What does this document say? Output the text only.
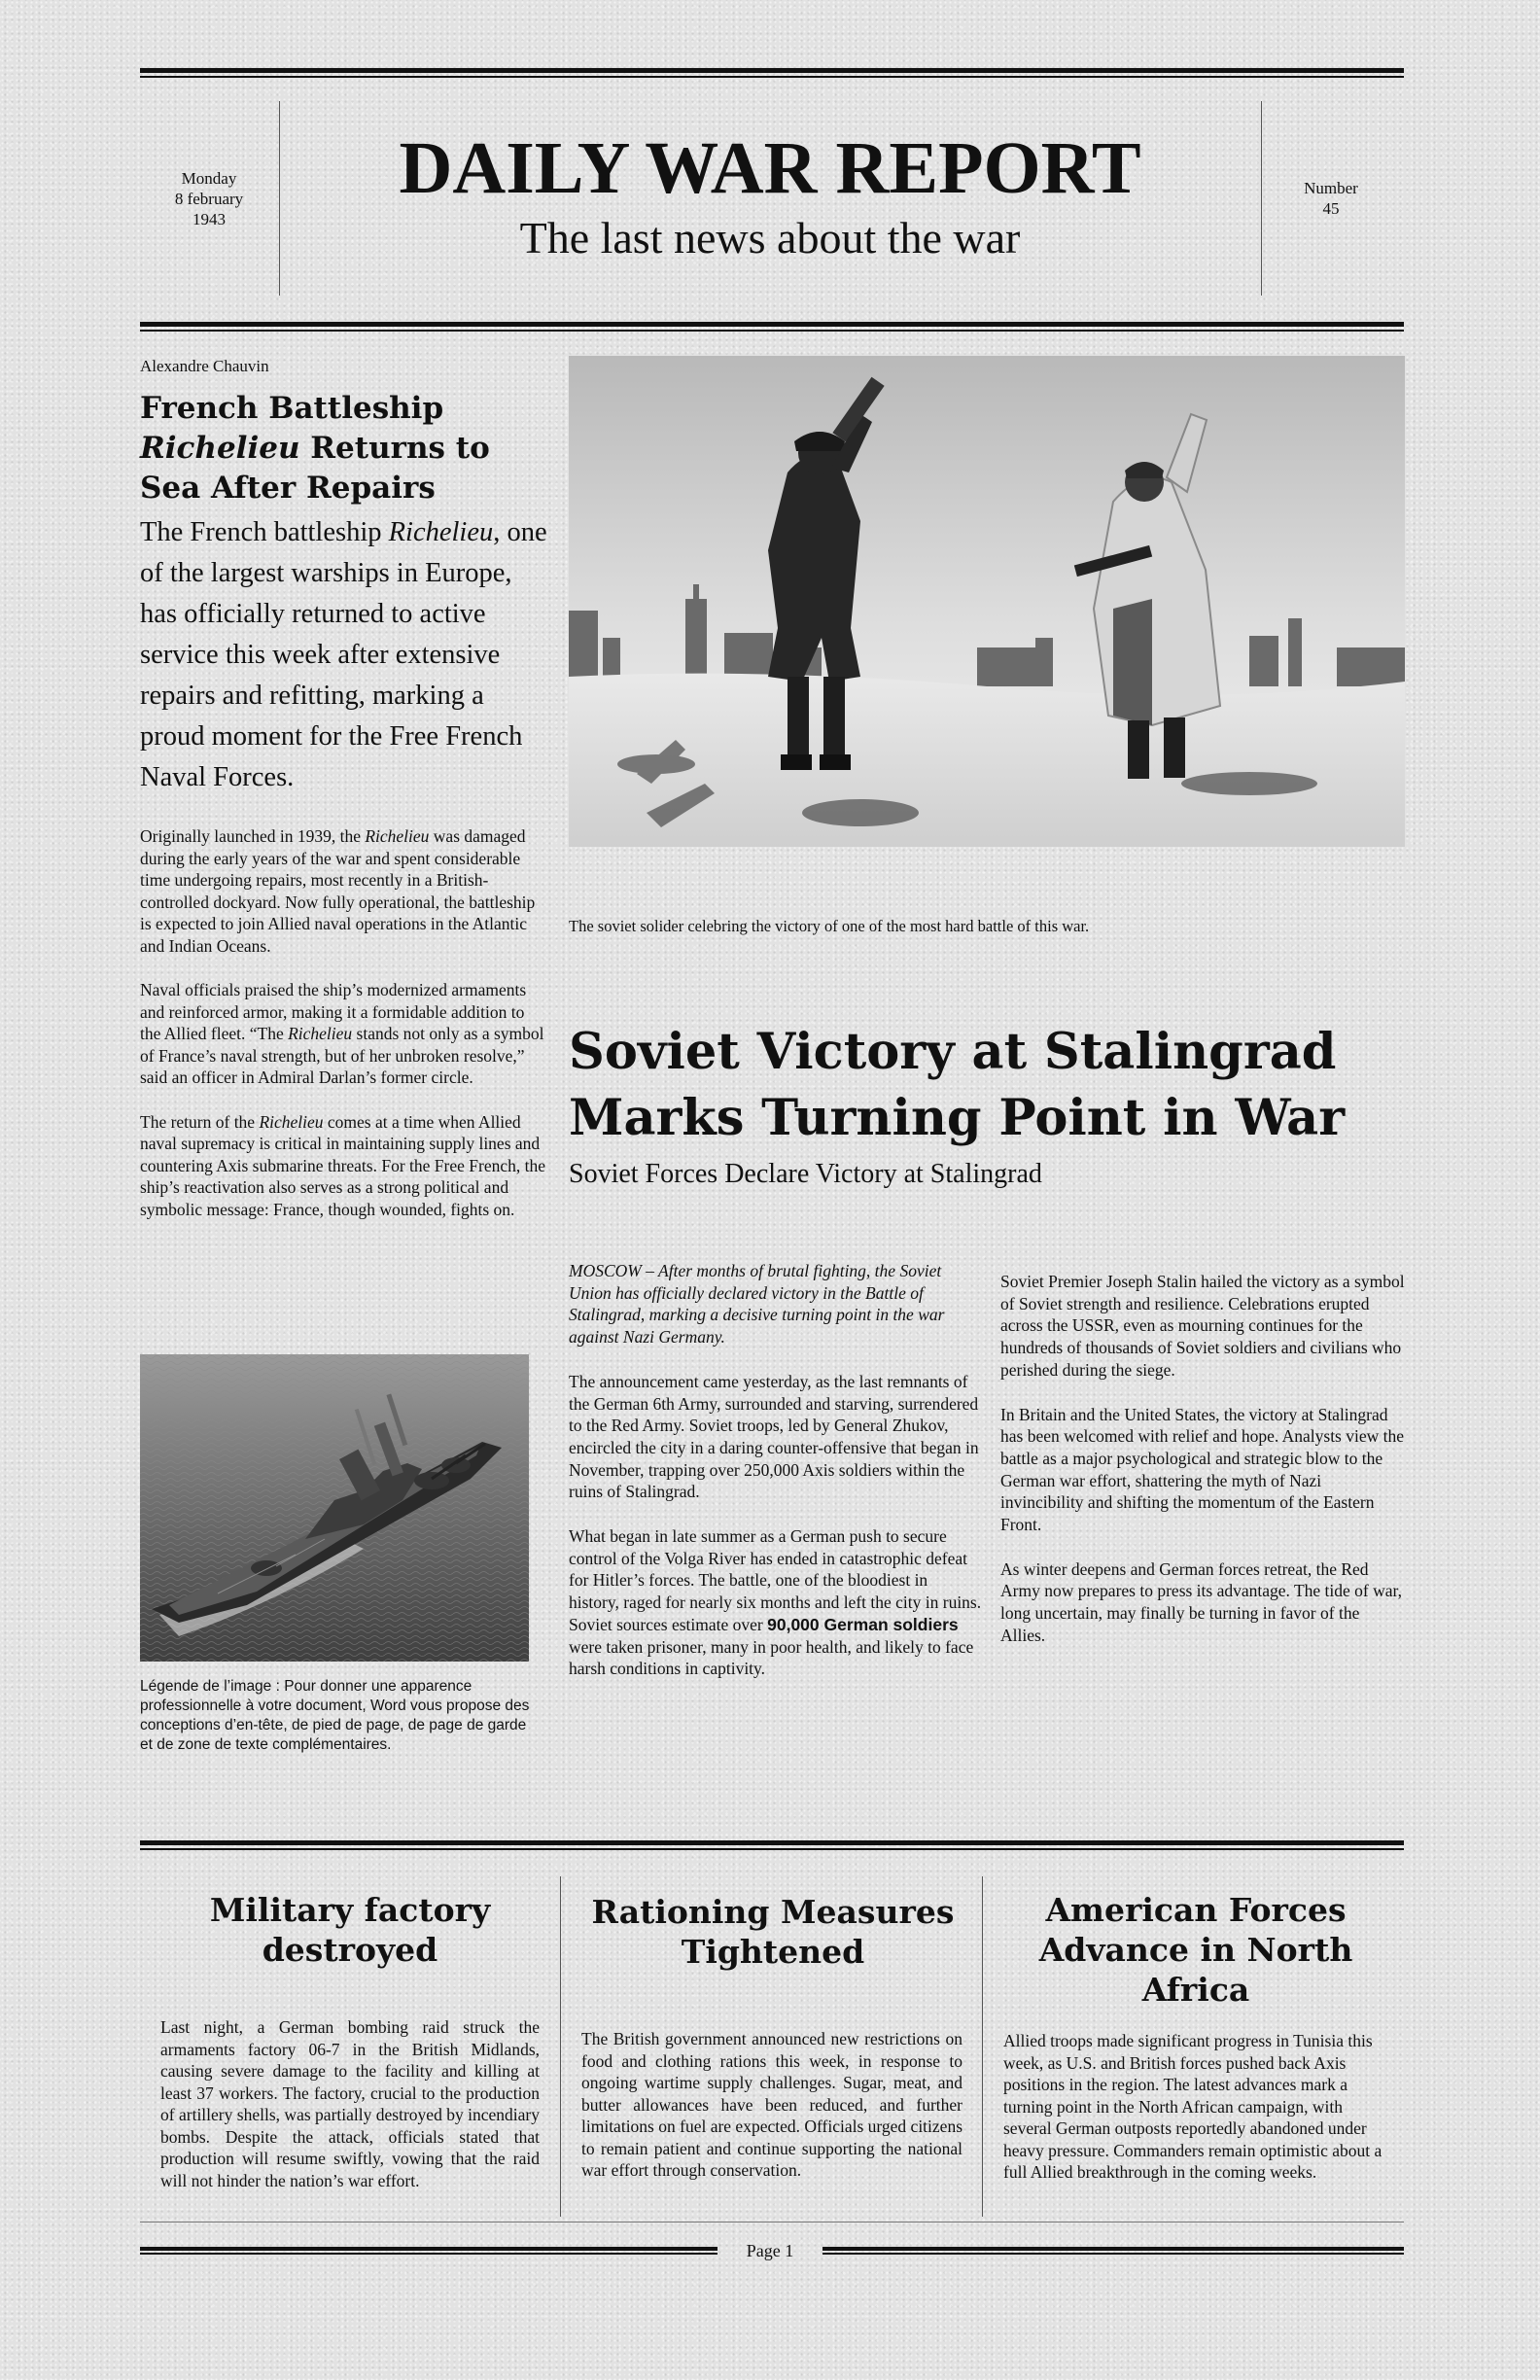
Monday
8 february
1943
DAILY WAR REPORT
The last news about the war
Number
45
Alexandre Chauvin
French Battleship Richelieu Returns to Sea After Repairs
The French battleship Richelieu, one of the largest warships in Europe, has officially returned to active service this week after extensive repairs and refitting, marking a proud moment for the Free French Naval Forces.

Originally launched in 1939, the Richelieu was damaged during the early years of the war and spent considerable time undergoing repairs, most recently in a British-controlled dockyard. Now fully operational, the battleship is expected to join Allied naval operations in the Atlantic and Indian Oceans.

Naval officials praised the ship’s modernized armaments and reinforced armor, making it a formidable addition to the Allied fleet. “The Richelieu stands not only as a symbol of France’s naval strength, but of her unbroken resolve,” said an officer in Admiral Darlan’s former circle.

The return of the Richelieu comes at a time when Allied naval supremacy is critical in maintaining supply lines and countering Axis submarine threats. For the Free French, the ship’s reactivation also serves as a strong political and symbolic message: France, though wounded, fights on.

Légende de l’image : Pour donner une apparence professionnelle à votre document, Word vous propose des conceptions d’en-tête, de pied de page, de page de garde et de zone de texte complémentaires.
The soviet solider celebring the victory of one of the most hard battle of this war.
Soviet Victory at Stalingrad Marks Turning Point in War
Soviet Forces Declare Victory at Stalingrad

MOSCOW – After months of brutal fighting, the Soviet Union has officially declared victory in the Battle of Stalingrad, marking a decisive turning point in the war against Nazi Germany.

The announcement came yesterday, as the last remnants of the German 6th Army, surrounded and starving, surrendered to the Red Army. Soviet troops, led by General Zhukov, encircled the city in a daring counter-offensive that began in November, trapping over 250,000 Axis soldiers within the ruins of Stalingrad.

What began in late summer as a German push to secure control of the Volga River has ended in catastrophic defeat for Hitler’s forces. The battle, one of the bloodiest in history, raged for nearly six months and left the city in ruins. Soviet sources estimate over 90,000 German soldiers were taken prisoner, many in poor health, and likely to face harsh conditions in captivity.

Soviet Premier Joseph Stalin hailed the victory as a symbol of Soviet strength and resilience. Celebrations erupted across the USSR, even as mourning continues for the hundreds of thousands of Soviet soldiers and civilians who perished during the siege.

In Britain and the United States, the victory at Stalingrad has been welcomed with relief and hope. Analysts view the battle as a major psychological and strategic blow to the German war effort, shattering the myth of Nazi invincibility and shifting the momentum of the Eastern Front.

As winter deepens and German forces retreat, the Red Army now prepares to press its advantage. The tide of war, long uncertain, may finally be turning in favor of the Allies.

Military factory destroyed
Last night, a German bombing raid struck the armaments factory 06-7 in the British Midlands, causing severe damage to the facility and killing at least 37 workers. The factory, crucial to the production of artillery shells, was partially destroyed by incendiary bombs. Despite the attack, officials stated that production will resume swiftly, vowing that the raid will not hinder the nation’s war effort.
Rationing Measures Tightened
The British government announced new restrictions on food and clothing rations this week, in response to ongoing wartime supply challenges. Sugar, meat, and butter allowances have been reduced, and further limitations on fuel are expected. Officials urged citizens to remain patient and continue supporting the national war effort through conservation.
American Forces Advance in North Africa
Allied troops made significant progress in Tunisia this week, as U.S. and British forces pushed back Axis positions in the region. The latest advances mark a turning point in the North African campaign, with several German outposts reportedly abandoned under heavy pressure. Commanders remain optimistic about a full Allied breakthrough in the coming weeks.
Page 1
